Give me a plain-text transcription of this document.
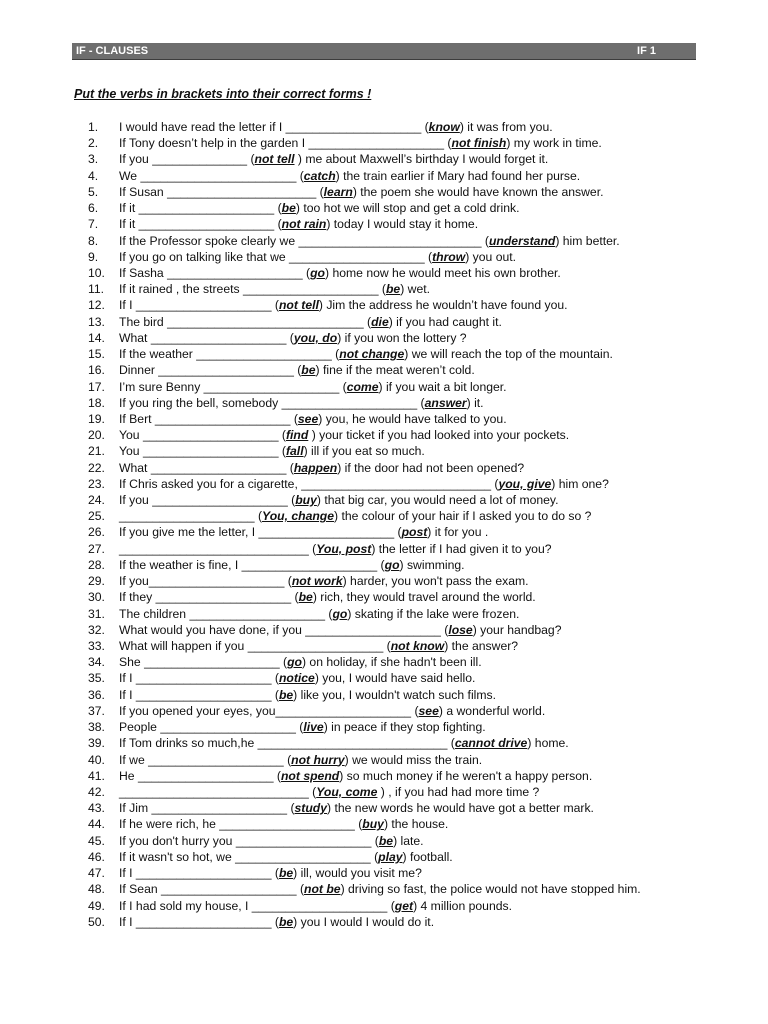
IF - CLAUSES	IF 1
Put the verbs in brackets into their correct forms !
1. I would have read the letter if I ____________________ (know) it was from you.
2. If Tony doesn’t help in the garden I ____________________ (not finish) my work in time.
3. If you ______________ (not tell ) me about Maxwell’s birthday I would forget it.
4. We _______________________ (catch) the train earlier if Mary had found her purse.
5. If Susan ______________________ (learn) the poem she would have known the answer.
6. If it ____________________ (be) too hot we will stop and get a cold drink.
7. If it ____________________ (not rain) today I would stay it home.
8. If the Professor spoke clearly we ___________________________ (understand) him better.
9. If you go on talking like that we ____________________ (throw) you out.
10. If Sasha ____________________ (go) home now he would meet his own brother.
11. If it rained , the streets ____________________ (be) wet.
12. If I ____________________ (not tell) Jim the address he wouldn’t have found you.
13. The bird _____________________________ (die) if you had caught it.
14. What ____________________ (you, do) if you won the lottery ?
15. If the weather ____________________ (not change) we will reach the top of the mountain.
16. Dinner ____________________ (be) fine if the meat weren’t cold.
17. I’m sure Benny ____________________ (come) if you wait a bit longer.
18. If you ring the bell, somebody ____________________ (answer) it.
19. If Bert ____________________ (see) you, he would have talked to you.
20. You ____________________ (find ) your ticket if you had looked into your pockets.
21. You ____________________ (fall) ill if you eat so much.
22. What ____________________ (happen) if the door had not been opened?
23. If Chris asked you for a cigarette, ____________________________ (you, give) him one?
24. If you ____________________ (buy) that big car, you would need a lot of money.
25. ____________________ (You, change) the colour of your hair if I asked you to do so ?
26. If you give me the letter, I ____________________ (post) it for you .
27. ____________________________ (You, post) the letter if I had given it to you?
28. If the weather is fine, I ____________________ (go) swimming.
29. If you____________________ (not work) harder, you won't pass the exam.
30. If they ____________________ (be) rich, they would travel around the world.
31. The children ____________________ (go) skating if the lake were frozen.
32. What would you have done, if you ____________________ (lose) your handbag?
33. What will happen if you ____________________ (not know) the answer?
34. She ____________________ (go) on holiday, if she hadn't been ill.
35. If I ____________________ (notice) you, I would have said hello.
36. If I ____________________ (be) like you, I wouldn't watch such films.
37. If you opened your eyes, you____________________ (see) a wonderful world.
38. People ____________________ (live) in peace if they stop fighting.
39. If Tom drinks so much,he ____________________________ (cannot drive) home.
40. If we ____________________ (not hurry) we would miss the train.
41. He ____________________ (not spend) so much money if he weren't a happy person.
42. ____________________________ (You, come ) , if you had had more time ?
43. If Jim ____________________ (study) the new words he would have got a better mark.
44. If he were rich, he ____________________ (buy) the house.
45. If you don't hurry you ____________________ (be) late.
46. If it wasn't so hot, we ____________________ (play) football.
47. If I ____________________ (be) ill, would you visit me?
48. If Sean ____________________ (not be) driving so fast, the police would not have stopped him.
49. If I had sold my house, I ____________________ (get) 4 million pounds.
50. If I ____________________ (be) you I would I would do it.
